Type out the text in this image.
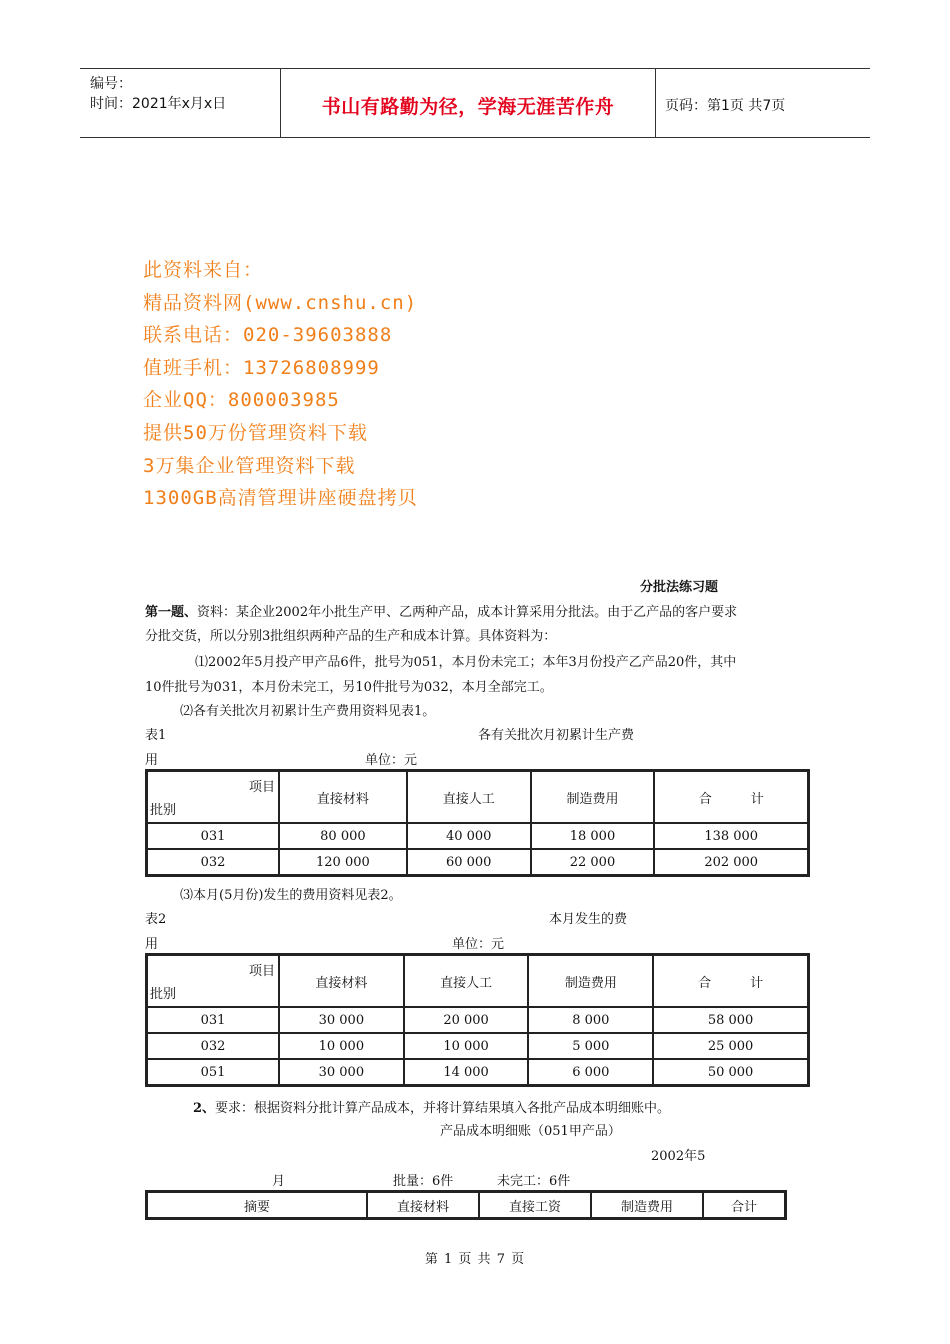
编号：
时间：2021年x月x日	书山有路勤为径，学海无涯苦作舟	页码：第1页 共7页
此资料来自：
精品资料网(www.cnshu.cn)
联系电话：020-39603888
值班手机：13726808999
企业QQ：800003985
提供50万份管理资料下载
3万集企业管理资料下载
1300GB高清管理讲座硬盘拷贝
分批法练习题
第一题、资料：某企业2002年小批生产甲、乙两种产品，成本计算采用分批法。由于乙产品的客户要求
分批交货，所以分别3批组织两种产品的生产和成本计算。具体资料为：
⑴2002年5月投产甲产品6件，批号为051，本月份未完工；本年3月份投产乙产品20件，其中
10件批号为031，本月份未完工，另10件批号为032，本月全部完工。
⑵各有关批次月初累计生产费用资料见表1。
表1	各有关批次月初累计生产费
用	单位：元
项目
批别	直接材料	直接人工	制造费用	合　　　计
031	80 000	40 000	18 000	138 000
032	120 000	60 000	22 000	202 000
⑶本月(5月份)发生的费用资料见表2。
表2	本月发生的费
用	单位：元
项目
批别	直接材料	直接人工	制造费用	合　　　计
031	30 000	20 000	8 000	58 000
032	10 000	10 000	5 000	25 000
051	30 000	14 000	6 000	50 000
2、要求：根据资料分批计算产品成本，并将计算结果填入各批产品成本明细账中。
产品成本明细账（051甲产品）
2002年5
月	批量：6件	未完工：6件
摘要	直接材料	直接工资	制造费用	合计
第 1 页 共 7 页
